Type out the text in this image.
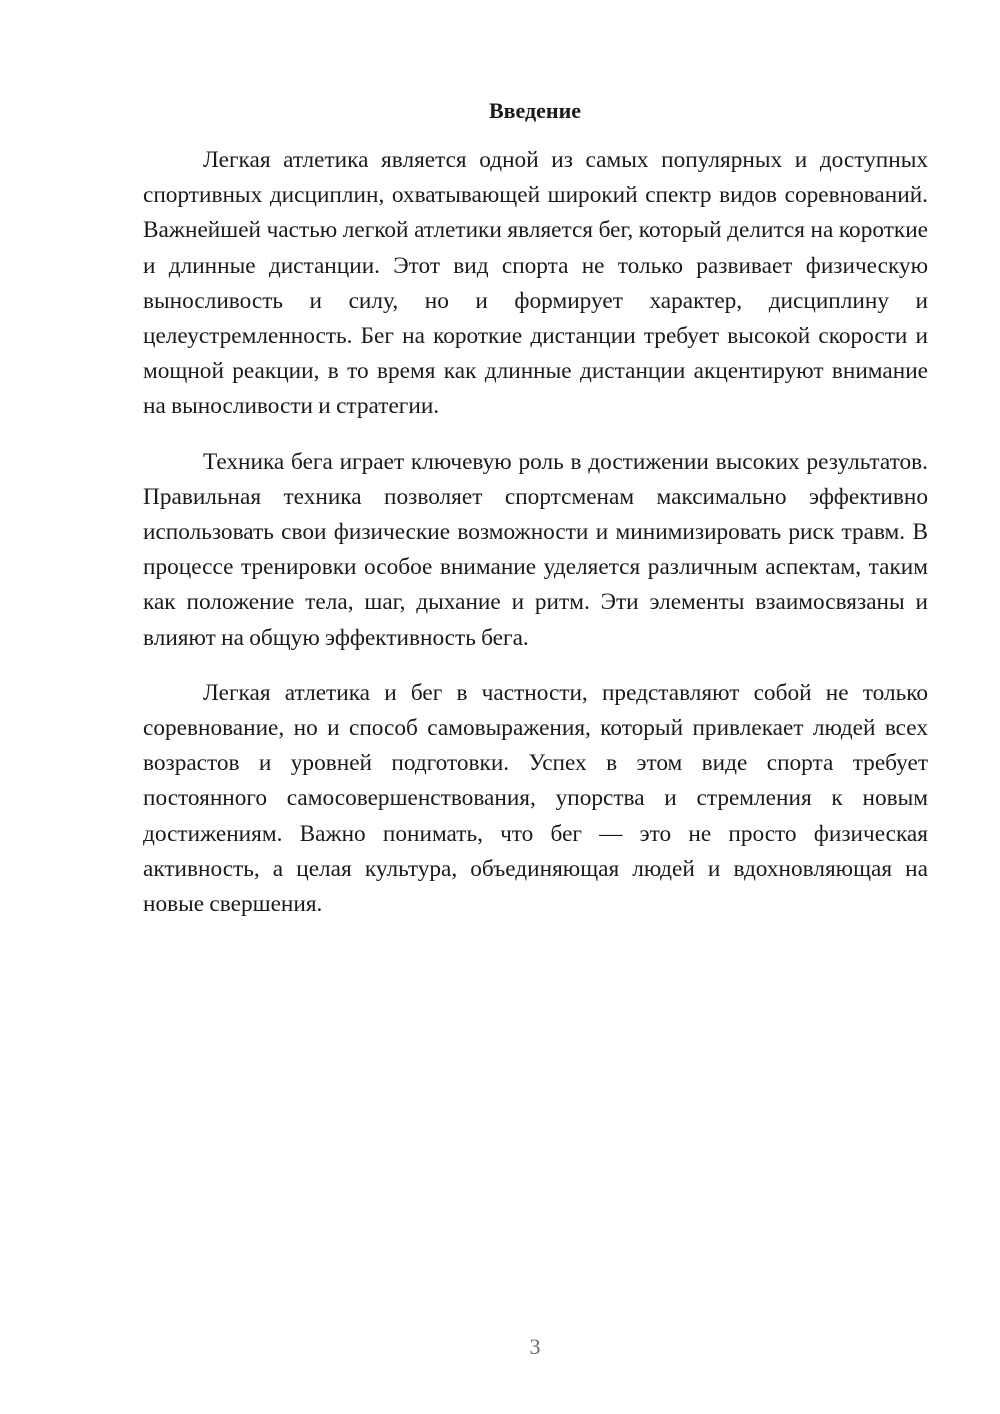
Введение

Легкая атлетика является одной из самых популярных и доступных спортивных дисциплин, охватывающей широкий спектр видов соревнований. Важнейшей частью легкой атлетики является бег, который делится на короткие и длинные дистанции. Этот вид спорта не только развивает физическую выносливость и силу, но и формирует характер, дисциплину и целеустремленность. Бег на короткие дистанции требует высокой скорости и мощной реакции, в то время как длинные дистанции акцентируют внимание на выносливости и стратегии.

Техника бега играет ключевую роль в достижении высоких результатов. Правильная техника позволяет спортсменам максимально эффективно использовать свои физические возможности и минимизировать риск травм. В процессе тренировки особое внимание уделяется различным аспектам, таким как положение тела, шаг, дыхание и ритм. Эти элементы взаимосвязаны и влияют на общую эффективность бега.

Легкая атлетика и бег в частности, представляют собой не только соревнование, но и способ самовыражения, который привлекает людей всех возрастов и уровней подготовки. Успех в этом виде спорта требует постоянного самосовершенствования, упорства и стремления к новым достижениям. Важно понимать, что бег — это не просто физическая активность, а целая культура, объединяющая людей и вдохновляющая на новые свершения.

3
